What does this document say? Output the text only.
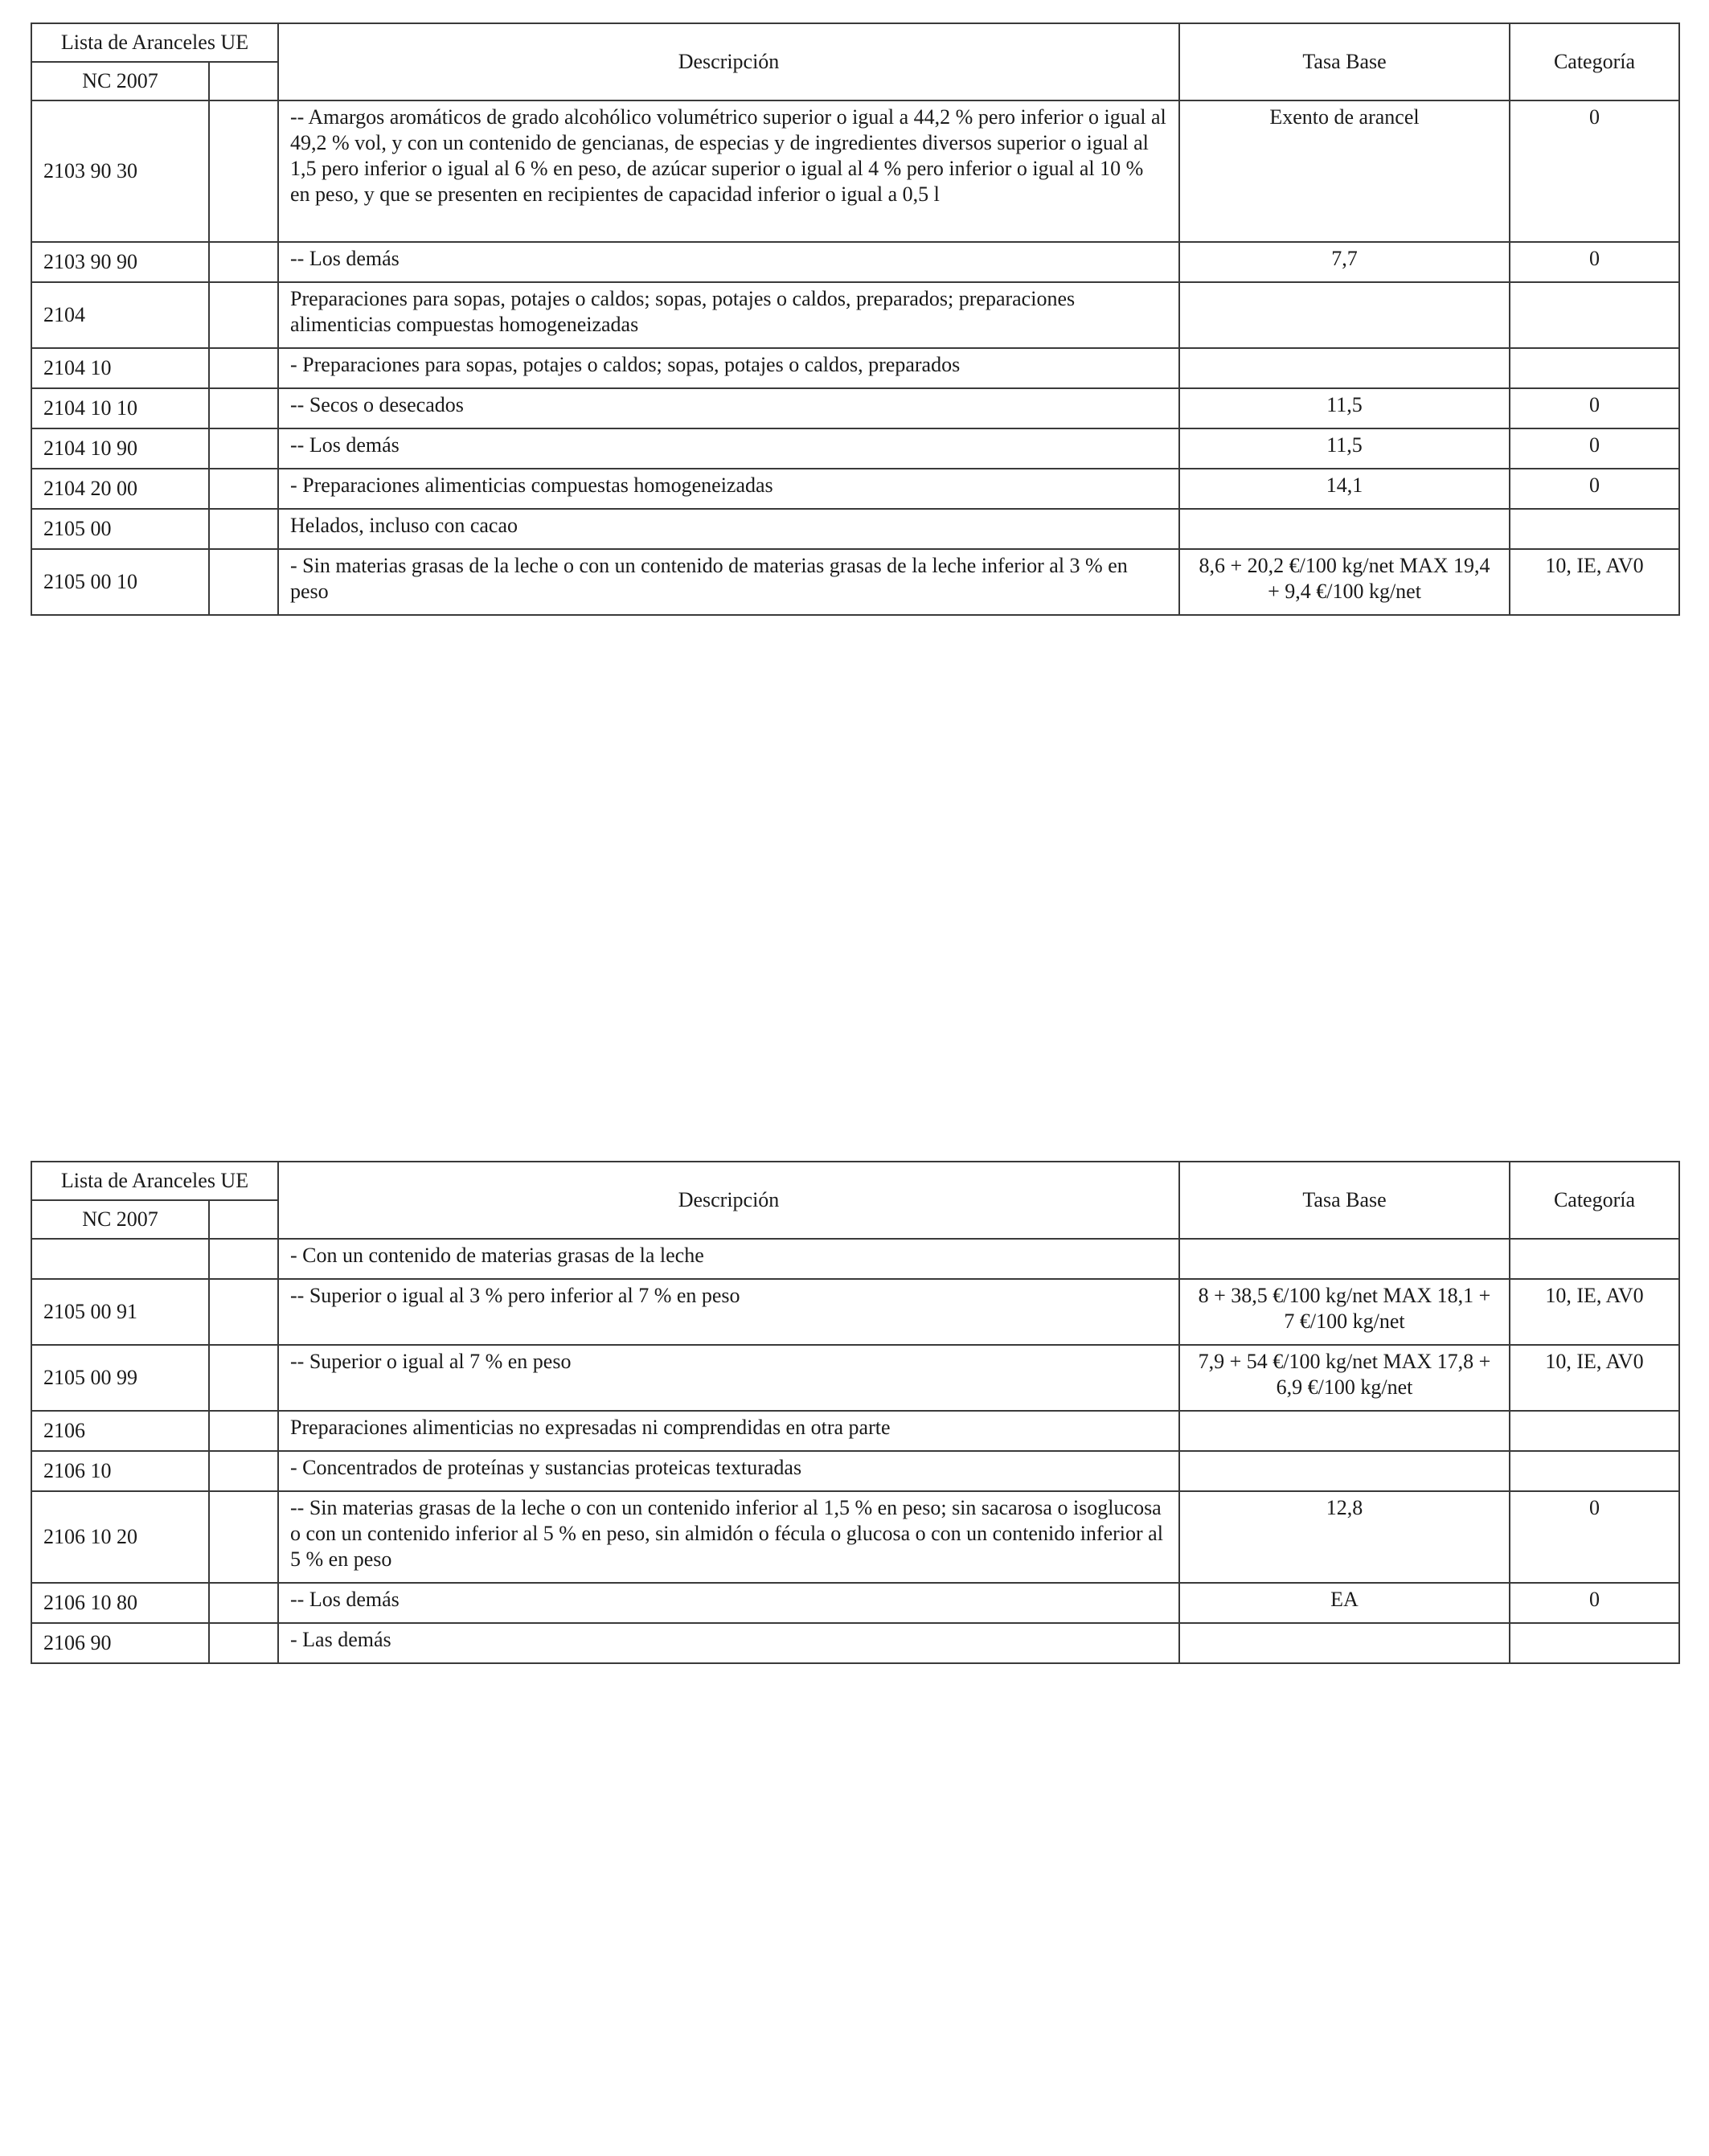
Lista de Aranceles UE		Descripción	Tasa Base	Categoría
NC 2007				
2103 90 30		-- Amargos aromáticos de grado alcohólico volumétrico superior o igual a 44,2 % pero inferior o igual al 49,2 % vol, y con un contenido de gencianas, de especias y de ingredientes diversos superior o igual al 1,5 pero inferior o igual al 6 % en peso, de azúcar superior o igual al 4 % pero inferior o igual al 10 % en peso, y que se presenten en recipientes de capacidad inferior o igual a 0,5 l	Exento de arancel	0

2103 90 90		-- Los demás	7,7	0

2104		Preparaciones para sopas, potajes o caldos; sopas, potajes o caldos, preparados; preparaciones alimenticias compuestas homogeneizadas		

2104 10		- Preparaciones para sopas, potajes o caldos; sopas, potajes o caldos, preparados		

2104 10 10		-- Secos o desecados	11,5	0

2104 10 90		-- Los demás	11,5	0

2104 20 00		- Preparaciones alimenticias compuestas homogeneizadas	14,1	0

2105 00		Helados, incluso con cacao		

2105 00 10		- Sin materias grasas de la leche o con un contenido de materias grasas de la leche inferior al 3 % en peso	8,6 + 20,2 €/100 kg/net MAX 19,4 + 9,4 €/100 kg/net	10, IE, AV0
Lista de Aranceles UE		Descripción	Tasa Base	Categoría
NC 2007				

		- Con un contenido de materias grasas de la leche		

2105 00 91		-- Superior o igual al 3 % pero inferior al 7 % en peso	8 + 38,5 €/100 kg/net MAX 18,1 + 7 €/100 kg/net	10, IE, AV0

2105 00 99		-- Superior o igual al 7 % en peso	7,9 + 54 €/100 kg/net MAX 17,8 + 6,9 €/100 kg/net	10, IE, AV0

2106		Preparaciones alimenticias no expresadas ni comprendidas en otra parte		

2106 10		- Concentrados de proteínas y sustancias proteicas texturadas		

2106 10 20		-- Sin materias grasas de la leche o con un contenido inferior al 1,5 % en peso; sin sacarosa o isoglucosa o con un contenido inferior al 5 % en peso, sin almidón o fécula o glucosa o con un contenido inferior al 5 % en peso	12,8	0

2106 10 80		-- Los demás	EA	0

2106 90		- Las demás		
